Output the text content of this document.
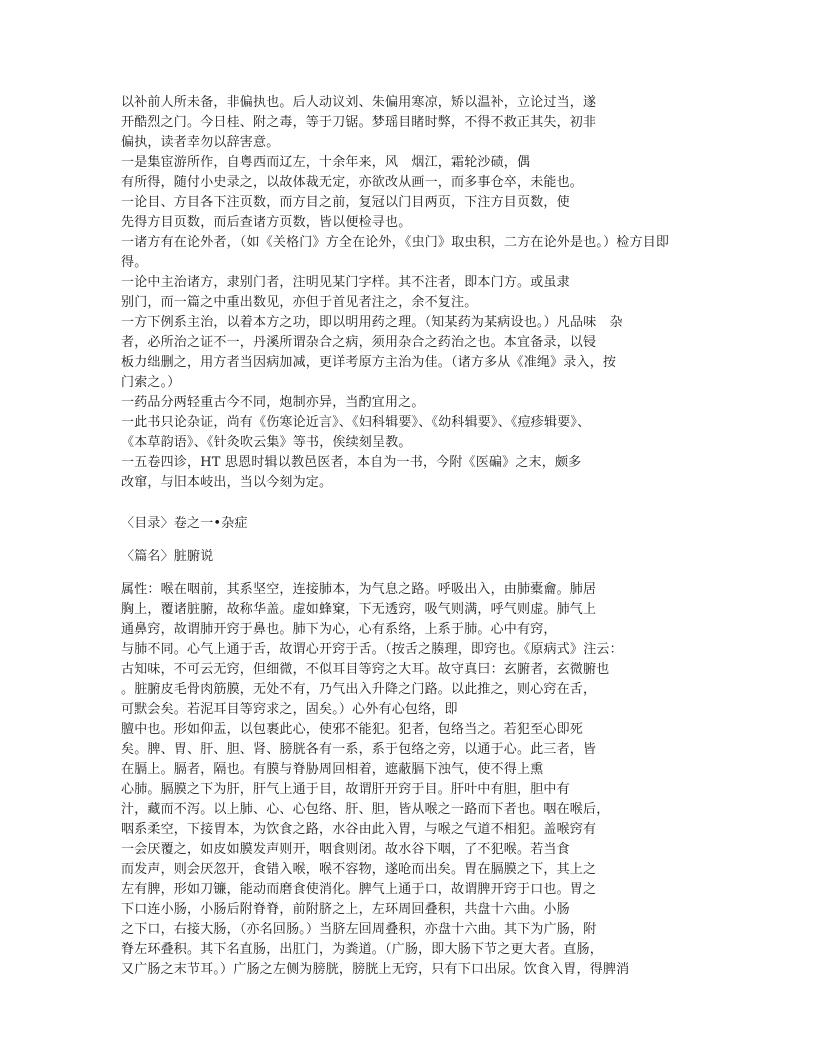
以补前人所未备，非偏执也。后人动议刘、朱偏用寒凉，矫以温补，立论过当，遂
开酷烈之门。今日桂、附之毒，等于刀锯。梦瑶目睹时弊，不得不救正其失，初非
偏执，读者幸勿以辞害意。
一是集宦游所作，自粤西而辽左，十余年来，风　烟江，霜轮沙碛，偶
有所得，随付小史录之，以故体裁无定，亦欲改从画一，而多事仓卒，未能也。
一论目、方目各下注页数，而方目之前，复冠以门目两页，下注方目页数，使
先得方目页数，而后查诸方页数，皆以便检寻也。
一诸方有在论外者，（如《关格门》方全在论外，《虫门》取虫积，二方在论外是也。）检方目即
得。
一论中主治诸方，隶别门者，注明见某门字样。其不注者，即本门方。或虽隶
别门，而一篇之中重出数见，亦但于首见者注之，余不复注。
一方下例系主治，以着本方之功，即以明用药之理。（知某药为某病设也。）凡品味　杂
者，必所治之证不一，丹溪所谓杂合之病，须用杂合之药治之也。本宜备录，以锓
板力绌删之，用方者当因病加减，更详考原方主治为佳。（诸方多从《准绳》录入，按
门索之。）
一药品分两轻重古今不同，炮制亦异，当酌宜用之。
一此书只论杂证，尚有《伤寒论近言》、《妇科辑要》、《幼科辑要》、《痘疹辑要》、
《本草韵语》、《针灸吹云集》等书，俟续刻呈教。
一五卷四诊，HT 思恩时辑以教邑医者，本自为一书，今附《医碥》之末，颇多
改窜，与旧本岐出，当以今刻为定。
〈目录〉卷之一•杂症
〈篇名〉脏腑说
属性：喉在咽前，其系坚空，连接肺本，为气息之路。呼吸出入，由肺橐龠。肺居
胸上，覆诸脏腑，故称华盖。虚如蜂窠，下无透窍，吸气则满，呼气则虚。肺气上
通鼻窍，故谓肺开窍于鼻也。肺下为心，心有系络，上系于肺。心中有窍，
与肺不同。心气上通于舌，故谓心开窍于舌。（按舌之腠理，即窍也。《原病式》注云：
古知味，不可云无窍，但细微，不似耳目等窍之大耳。故守真曰：玄腑者，玄微腑也
。脏腑皮毛骨肉筋膜，无处不有，乃气出入升降之门路。以此推之，则心窍在舌，
可默会矣。若泥耳目等窍求之，固矣。）心外有心包络，即
膻中也。形如仰盂，以包裹此心，使邪不能犯。犯者，包络当之。若犯至心即死
矣。脾、胃、肝、胆、肾、膀胱各有一系，系于包络之旁，以通于心。此三者，皆
在膈上。膈者，隔也。有膜与脊胁周回相着，遮蔽膈下浊气，使不得上熏
心肺。膈膜之下为肝，肝气上通于目，故谓肝开窍于目。肝叶中有胆，胆中有
汁，藏而不泻。以上肺、心、心包络、肝、胆，皆从喉之一路而下者也。咽在喉后，
咽系柔空，下接胃本，为饮食之路，水谷由此入胃，与喉之气道不相犯。盖喉窍有
一会厌覆之，如皮如膜发声则开，咽食则闭。故水谷下咽，了不犯喉。若当食
而发声，则会厌忽开，食错入喉，喉不容物，遂呛而出矣。胃在膈膜之下，其上之
左有脾，形如刀镰，能动而磨食使消化。脾气上通于口，故谓脾开窍于口也。胃之
下口连小肠，小肠后附脊脊，前附脐之上，左环周回叠积，共盘十六曲。小肠
之下口，右接大肠，（亦名回肠。）当脐左回周叠积，亦盘十六曲。其下为广肠，附
脊左环叠积。其下名直肠，出肛门，为粪道。（广肠，即大肠下节之更大者。直肠，
又广肠之末节耳。）广肠之左侧为膀胱，膀胱上无窍，只有下口出尿。饮食入胃，得脾消
